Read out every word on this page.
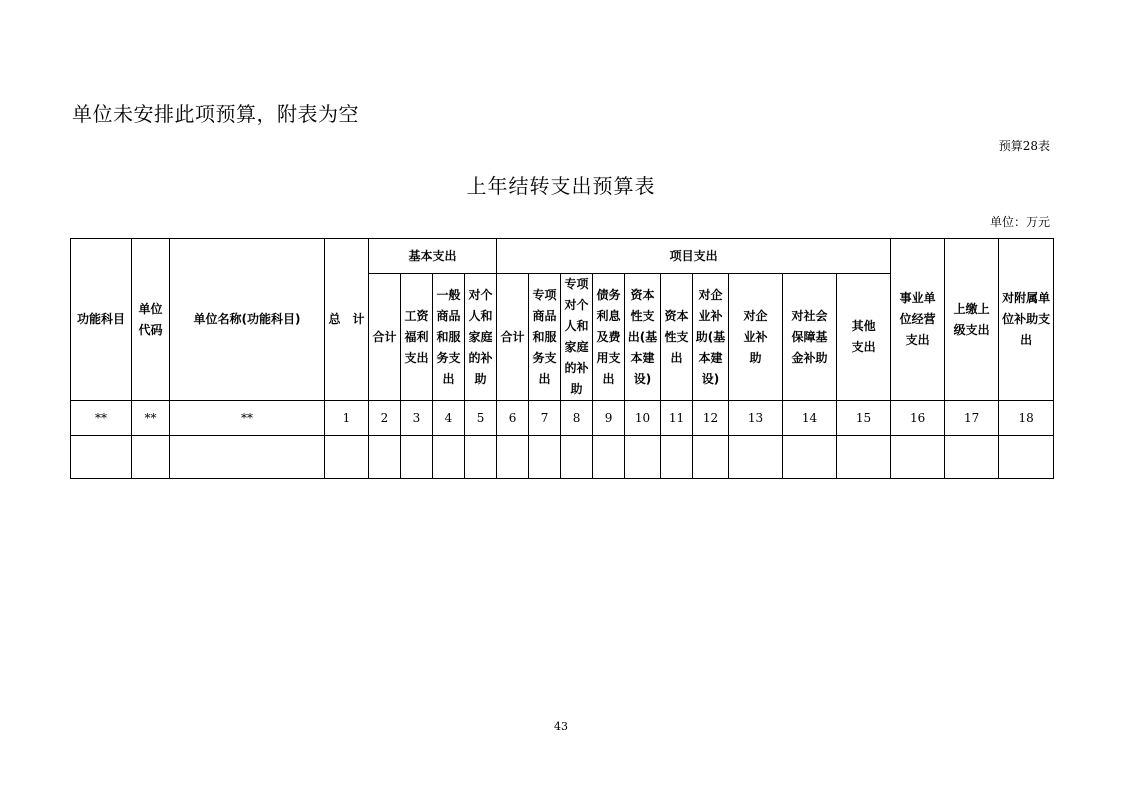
单位未安排此项预算，附表为空
预算28表
上年结转支出预算表
单位：万元
功能科目	单位代码	单位名称(功能科目)	总　计	基本支出				项目支出										事业单位经营支出	上缴上级支出	对附属单位补助支出
				合计	工资福利支出	一般商品和服务支出	对个人和家庭的补助	合计	专项商品和服务支出	专项对个人和家庭的补助	债务利息及费用支出	资本性支出(基本建设)	资本性支出	对企业补助(基本建设)	对企业补助	对社会保障基金补助	其他支出			
**	**	**	1	2	3	4	5	6	7	8	9	10	11	12	13	14	15	16	17	18

43
